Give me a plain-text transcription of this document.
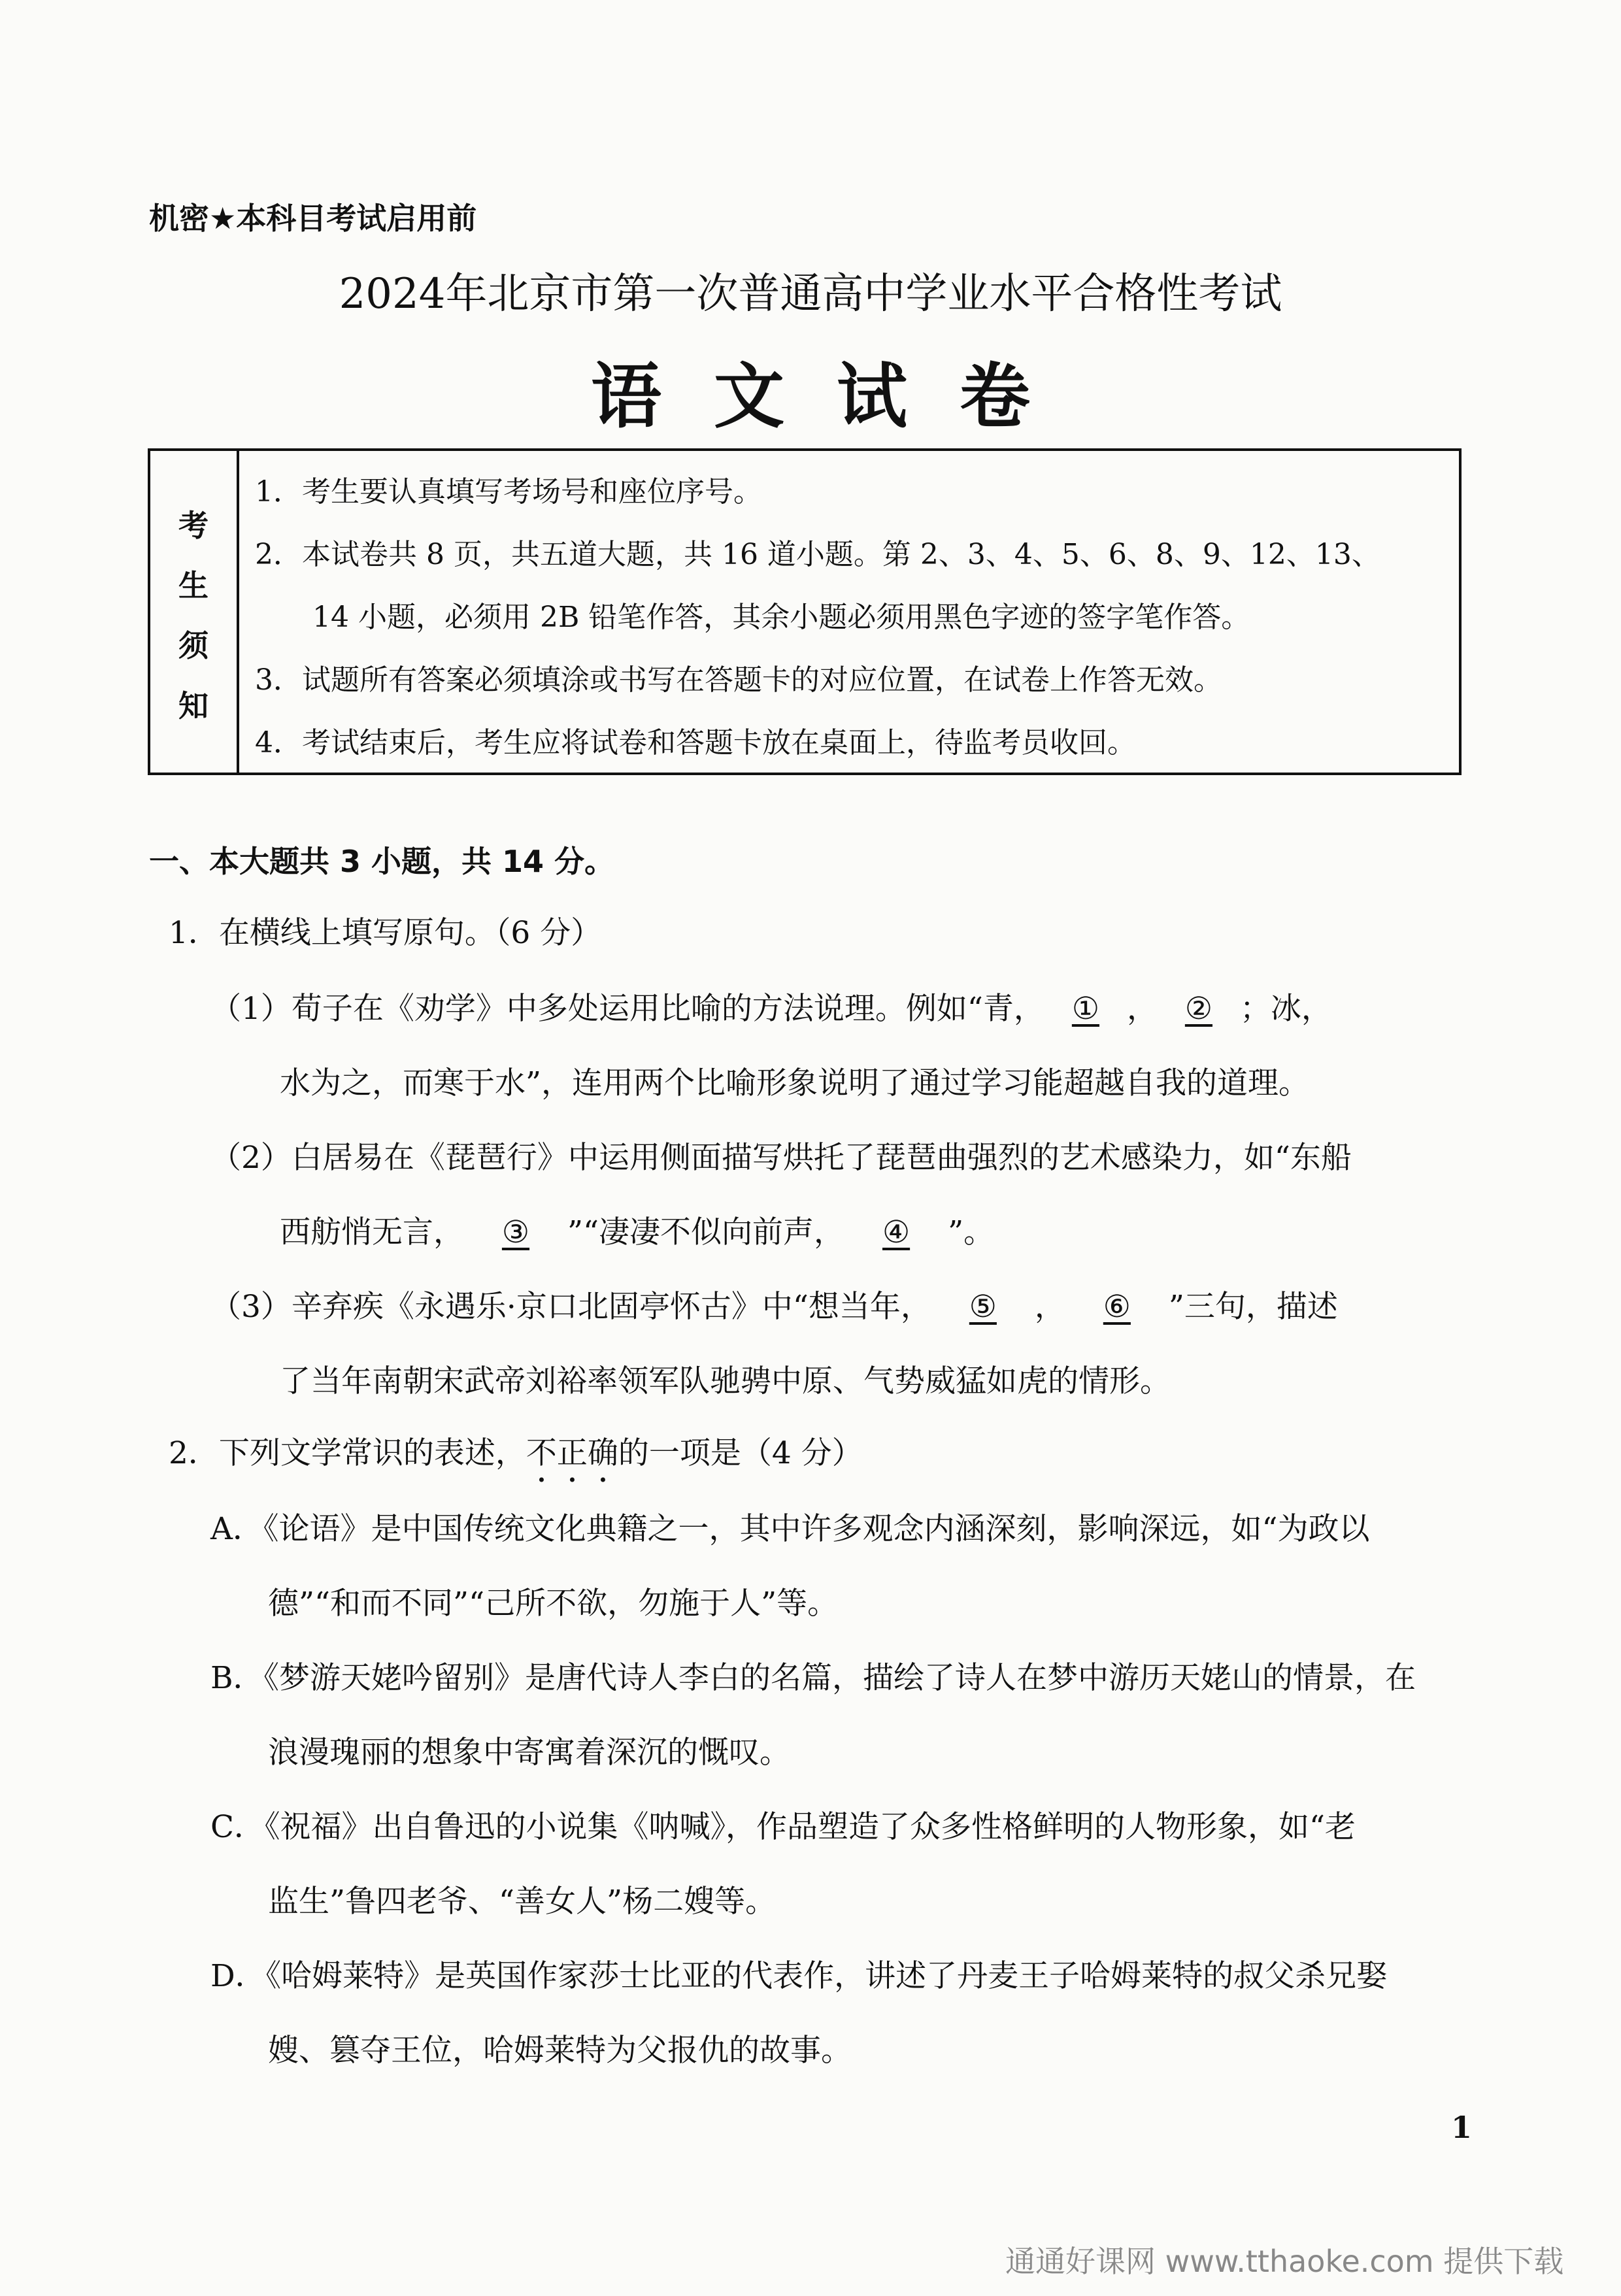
机密★本科目考试启用前
2024年北京市第一次普通高中学业水平合格性考试
语文试卷
考
生
须
知
1．考生要认真填写考场号和座位序号。
2．本试卷共 8 页，共五道大题，共 16 道小题。第 2、3、4、5、6、8、9、12、13、
14 小题，必须用 2B 铅笔作答，其余小题必须用黑色字迹的签字笔作答。
3．试题所有答案必须填涂或书写在答题卡的对应位置，在试卷上作答无效。
4．考试结束后，考生应将试卷和答题卡放在桌面上，待监考员收回。
一、本大题共 3 小题，共 14 分。
1．在横线上填写原句。（6 分）
（1）荀子在《劝学》中多处运用比喻的方法说理。例如“青， ① ， ② ；冰，
水为之，而寒于水”，连用两个比喻形象说明了通过学习能超越自我的道理。
（2）白居易在《琵琶行》中运用侧面描写烘托了琵琶曲强烈的艺术感染力，如“东船
西舫悄无言， ③ ”“凄凄不似向前声， ④ ”。
（3）辛弃疾《永遇乐·京口北固亭怀古》中“想当年， ⑤ ， ⑥ ”三句，描述
了当年南朝宋武帝刘裕率领军队驰骋中原、气势威猛如虎的情形。
2．下列文学常识的表述，不正确的一项是（4 分）
A．《论语》是中国传统文化典籍之一，其中许多观念内涵深刻，影响深远，如“为政以
德”“和而不同”“己所不欲，勿施于人”等。
B．《梦游天姥吟留别》是唐代诗人李白的名篇，描绘了诗人在梦中游历天姥山的情景，在
浪漫瑰丽的想象中寄寓着深沉的慨叹。
C．《祝福》出自鲁迅的小说集《呐喊》，作品塑造了众多性格鲜明的人物形象，如“老
监生”鲁四老爷、“善女人”杨二嫂等。
D．《哈姆莱特》是英国作家莎士比亚的代表作，讲述了丹麦王子哈姆莱特的叔父杀兄娶
嫂、篡夺王位，哈姆莱特为父报仇的故事。
1
通通好课网 www.tthaoke.com 提供下载
